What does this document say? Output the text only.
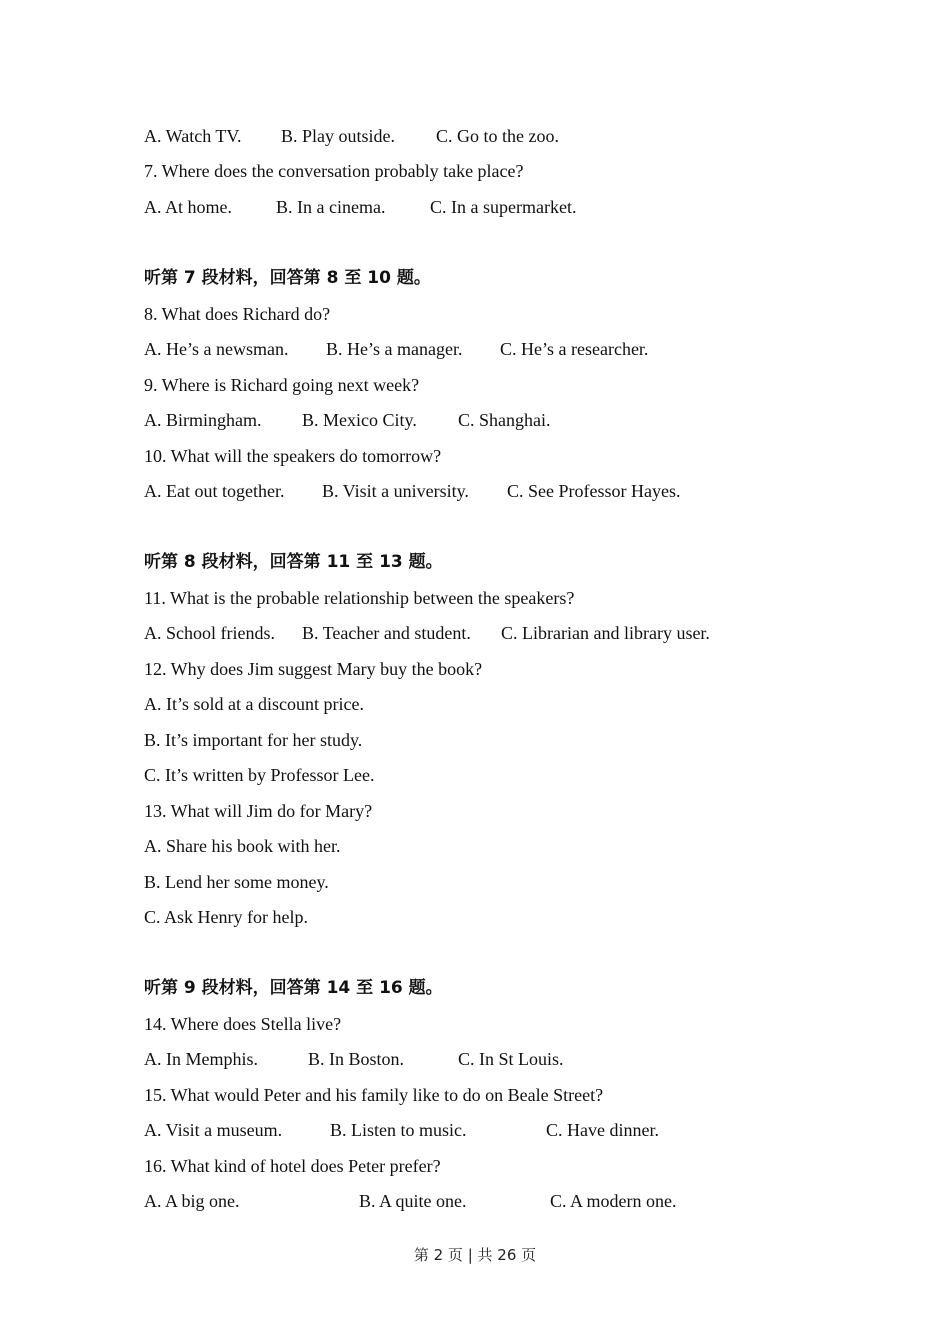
A. Watch TV. B. Play outside. C. Go to the zoo.
7. Where does the conversation probably take place?
A. At home. B. In a cinema. C. In a supermarket.
听第 7 段材料，回答第 8 至 10 题。
8. What does Richard do?
A. He’s a newsman. B. He’s a manager. C. He’s a researcher.
9. Where is Richard going next week?
A. Birmingham. B. Mexico City. C. Shanghai.
10. What will the speakers do tomorrow?
A. Eat out together. B. Visit a university. C. See Professor Hayes.
听第 8 段材料，回答第 11 至 13 题。
11. What is the probable relationship between the speakers?
A. School friends. B. Teacher and student. C. Librarian and library user.
12. Why does Jim suggest Mary buy the book?
A. It’s sold at a discount price.
B. It’s important for her study.
C. It’s written by Professor Lee.
13. What will Jim do for Mary?
A. Share his book with her.
B. Lend her some money.
C. Ask Henry for help.
听第 9 段材料，回答第 14 至 16 题。
14. Where does Stella live?
A. In Memphis.	B. In Boston.	C. In St Louis.
15. What would Peter and his family like to do on Beale Street?
A. Visit a museum.	B. Listen to music.	C. Have dinner.
16. What kind of hotel does Peter prefer?
A. A big one.	B. A quite one.	C. A modern one.
第 2 页 | 共 26 页
